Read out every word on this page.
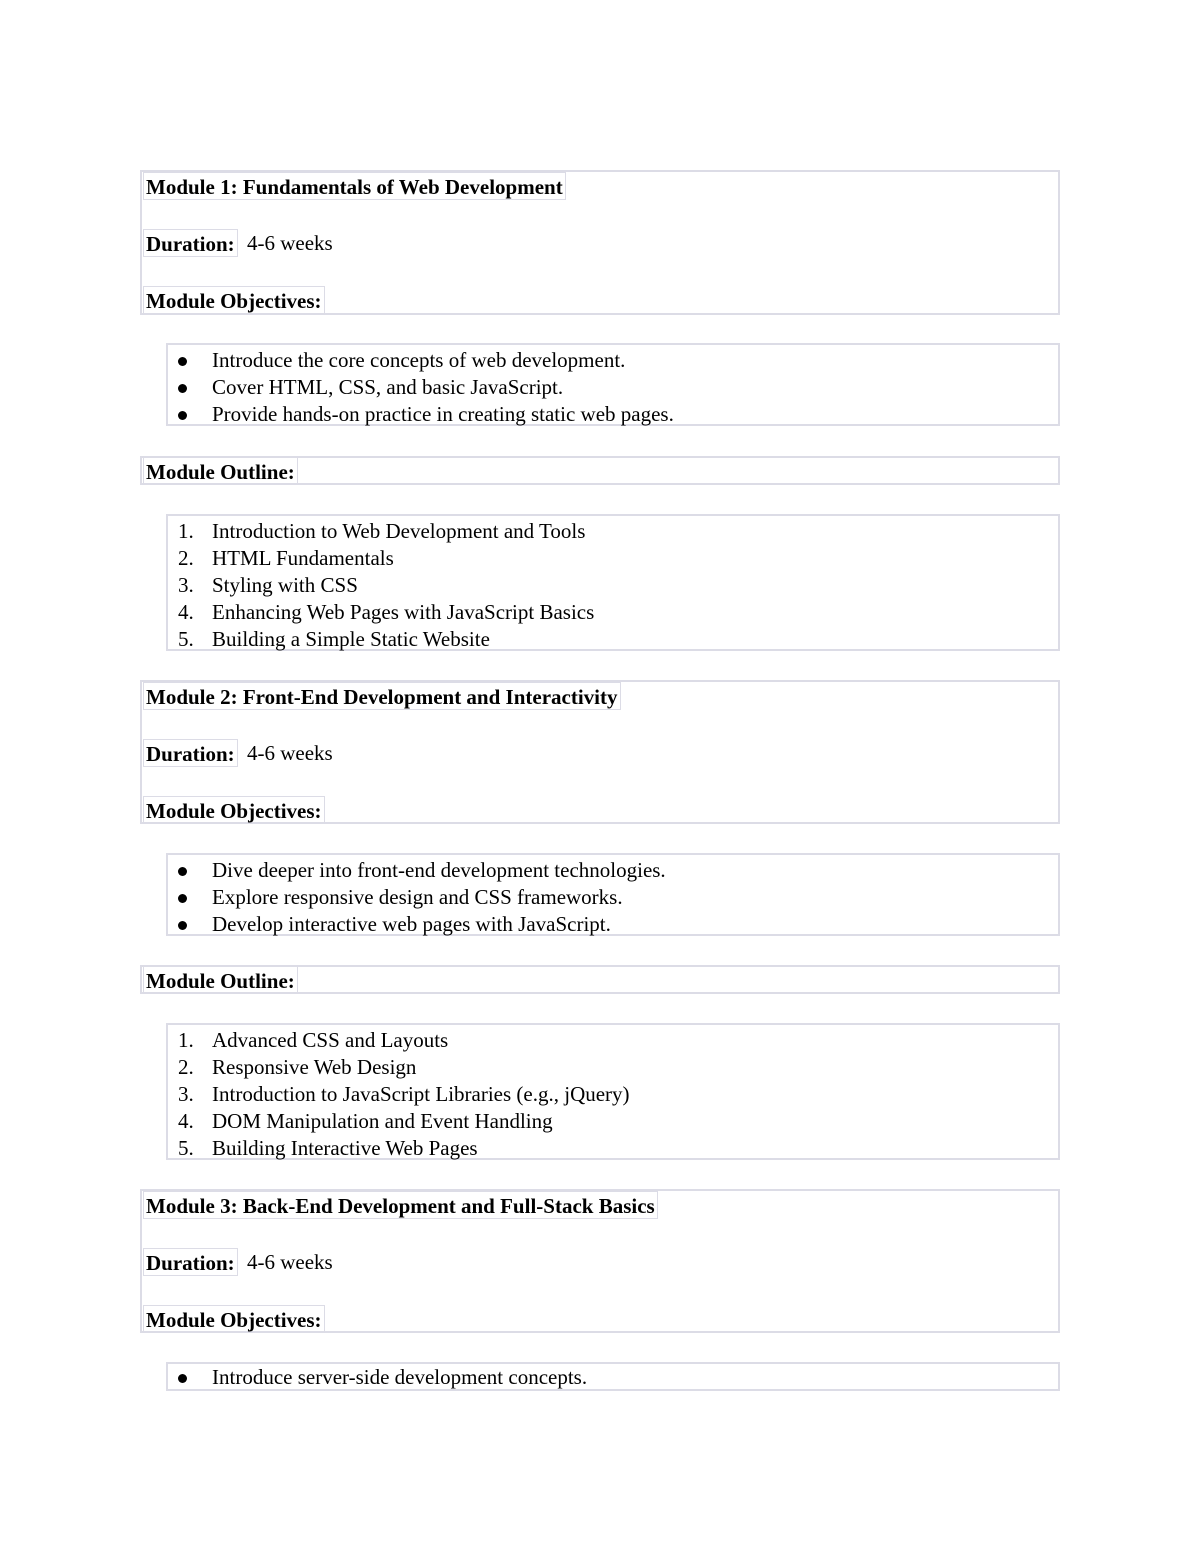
Module 1: Fundamentals of Web Development
Duration: 4-6 weeks
Module Objectives:
Introduce the core concepts of web development.
Cover HTML, CSS, and basic JavaScript.
Provide hands-on practice in creating static web pages.
Module Outline:
1. Introduction to Web Development and Tools
2. HTML Fundamentals
3. Styling with CSS
4. Enhancing Web Pages with JavaScript Basics
5. Building a Simple Static Website
Module 2: Front-End Development and Interactivity
Duration: 4-6 weeks
Module Objectives:
Dive deeper into front-end development technologies.
Explore responsive design and CSS frameworks.
Develop interactive web pages with JavaScript.
Module Outline:
1. Advanced CSS and Layouts
2. Responsive Web Design
3. Introduction to JavaScript Libraries (e.g., jQuery)
4. DOM Manipulation and Event Handling
5. Building Interactive Web Pages
Module 3: Back-End Development and Full-Stack Basics
Duration: 4-6 weeks
Module Objectives:
Introduce server-side development concepts.
